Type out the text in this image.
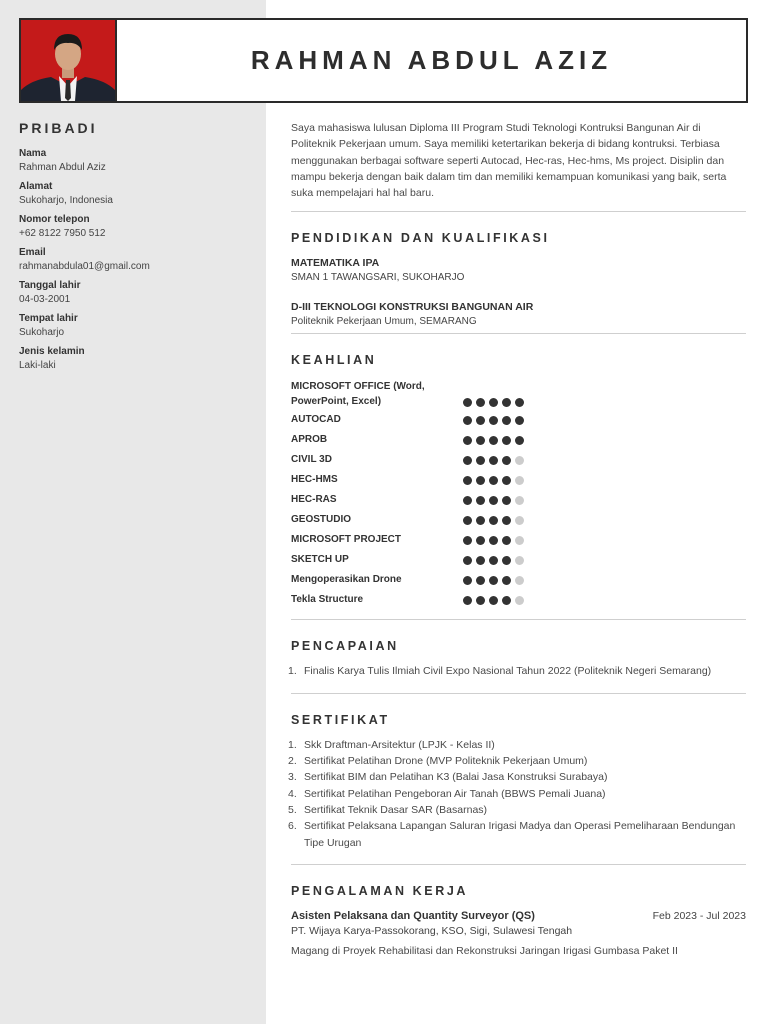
RAHMAN ABDUL AZIZ
PRIBADI
Nama
Rahman Abdul Aziz
Alamat
Sukoharjo, Indonesia
Nomor telepon
+62 8122 7950 512
Email
rahmanabdula01@gmail.com
Tanggal lahir
04-03-2001
Tempat lahir
Sukoharjo
Jenis kelamin
Laki-laki

Saya mahasiswa lulusan Diploma III Program Studi Teknologi Kontruksi Bangunan Air di Politeknik Pekerjaan umum. Saya memiliki ketertarikan bekerja di bidang kontruksi. Terbiasa menggunakan berbagai software seperti Autocad, Hec-ras, Hec-hms, Ms project. Disiplin dan mampu bekerja dengan baik dalam tim dan memiliki kemampuan komunikasi yang baik, serta suka mempelajari hal hal baru.

PENDIDIKAN DAN KUALIFIKASI
MATEMATIKA IPA
SMAN 1 TAWANGSARI, SUKOHARJO
D-III TEKNOLOGI KONSTRUKSI BANGUNAN AIR
Politeknik Pekerjaan Umum, SEMARANG
KEAHLIAN
MICROSOFT OFFICE (Word, PowerPoint, Excel)
AUTOCAD
APROB
CIVIL 3D
HEC-HMS
HEC-RAS
GEOSTUDIO
MICROSOFT PROJECT
SKETCH UP
Mengoperasikan Drone
Tekla Structure
PENCAPAIAN
1. Finalis Karya Tulis Ilmiah Civil Expo Nasional Tahun 2022 (Politeknik Negeri Semarang)
SERTIFIKAT
1. Skk Draftman-Arsitektur (LPJK - Kelas II)
2. Sertifikat Pelatihan Drone (MVP Politeknik Pekerjaan Umum)
3. Sertifikat BIM dan Pelatihan K3 (Balai Jasa Konstruksi Surabaya)
4. Sertifikat Pelatihan Pengeboran Air Tanah (BBWS Pemali Juana)
5. Sertifikat Teknik Dasar SAR (Basarnas)
6. Sertifikat Pelaksana Lapangan Saluran Irigasi Madya dan Operasi Pemeliharaan Bendungan Tipe Urugan
PENGALAMAN KERJA
Asisten Pelaksana dan Quantity Surveyor (QS)	Feb 2023 - Jul 2023
PT. Wijaya Karya-Passokorang, KSO, Sigi, Sulawesi Tengah
Magang di Proyek Rehabilitasi dan Rekonstruksi Jaringan Irigasi Gumbasa Paket II
